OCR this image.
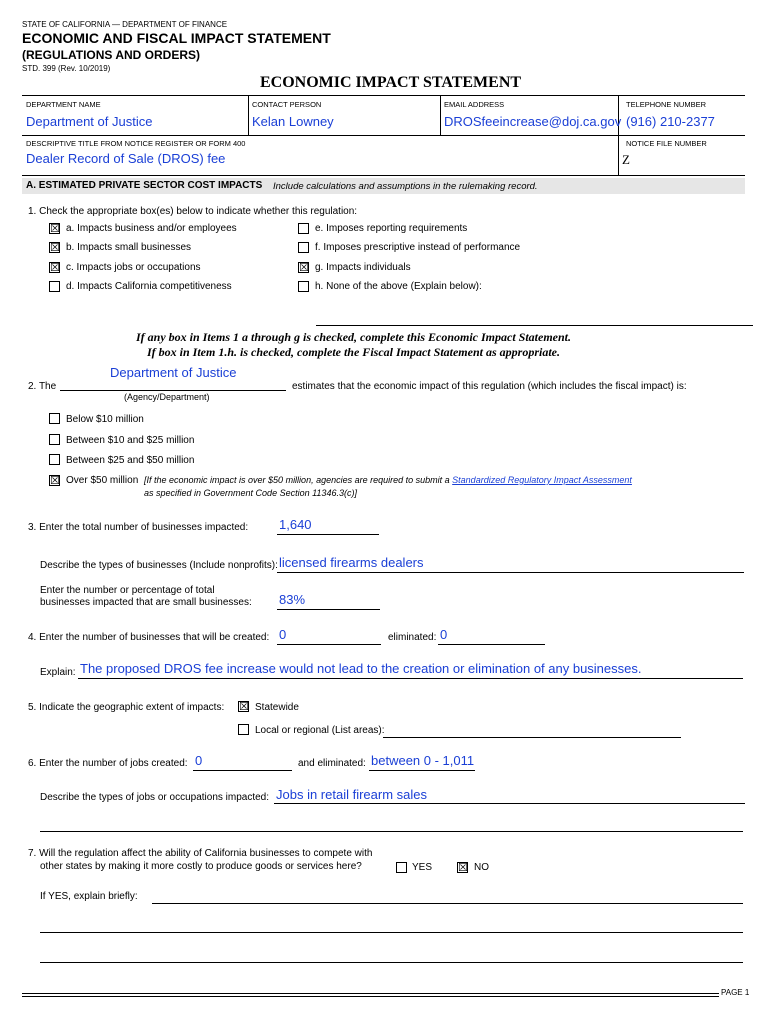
STATE OF CALIFORNIA — DEPARTMENT OF FINANCE
ECONOMIC AND FISCAL IMPACT STATEMENT
(REGULATIONS AND ORDERS)
STD. 399 (Rev. 10/2019)
ECONOMIC IMPACT STATEMENT
DEPARTMENT NAME
Department of Justice
CONTACT PERSON
Kelan Lowney
EMAIL ADDRESS
DROSfeeincrease@doj.ca.gov
TELEPHONE NUMBER
(916) 210-2377
DESCRIPTIVE TITLE FROM NOTICE REGISTER OR FORM 400
Dealer Record of Sale (DROS) fee
NOTICE FILE NUMBER
Z
A. ESTIMATED PRIVATE SECTOR COST IMPACTS Include calculations and assumptions in the rulemaking record.
1. Check the appropriate box(es) below to indicate whether this regulation:
☒ a. Impacts business and/or employees
☒ b. Impacts small businesses
☒ c. Impacts jobs or occupations
d. Impacts California competitiveness
e. Imposes reporting requirements
f. Imposes prescriptive instead of performance
☒ g. Impacts individuals
h. None of the above (Explain below):
If any box in Items 1 a through g is checked, complete this Economic Impact Statement.
If box in Item 1.h. is checked, complete the Fiscal Impact Statement as appropriate.
2. The
Department of Justice
(Agency/Department)
estimates that the economic impact of this regulation (which includes the fiscal impact) is:
Below $10 million
Between $10 and $25 million
Between $25 and $50 million
☒ Over $50 million [If the economic impact is over $50 million, agencies are required to submit a Standardized Regulatory Impact Assessment
as specified in Government Code Section 11346.3(c)]
3. Enter the total number of businesses impacted: 1,640
Describe the types of businesses (Include nonprofits): licensed firearms dealers
Enter the number or percentage of total
businesses impacted that are small businesses: 83%
4. Enter the number of businesses that will be created: 0	eliminated: 0
Explain: The proposed DROS fee increase would not lead to the creation or elimination of any businesses.
5. Indicate the geographic extent of impacts: ☒ Statewide
Local or regional (List areas):
6. Enter the number of jobs created: 0	and eliminated: between 0 - 1,011
Describe the types of jobs or occupations impacted: Jobs in retail firearm sales
7. Will the regulation affect the ability of California businesses to compete with
other states by making it more costly to produce goods or services here?	YES ☒ NO
If YES, explain briefly:
PAGE 1
